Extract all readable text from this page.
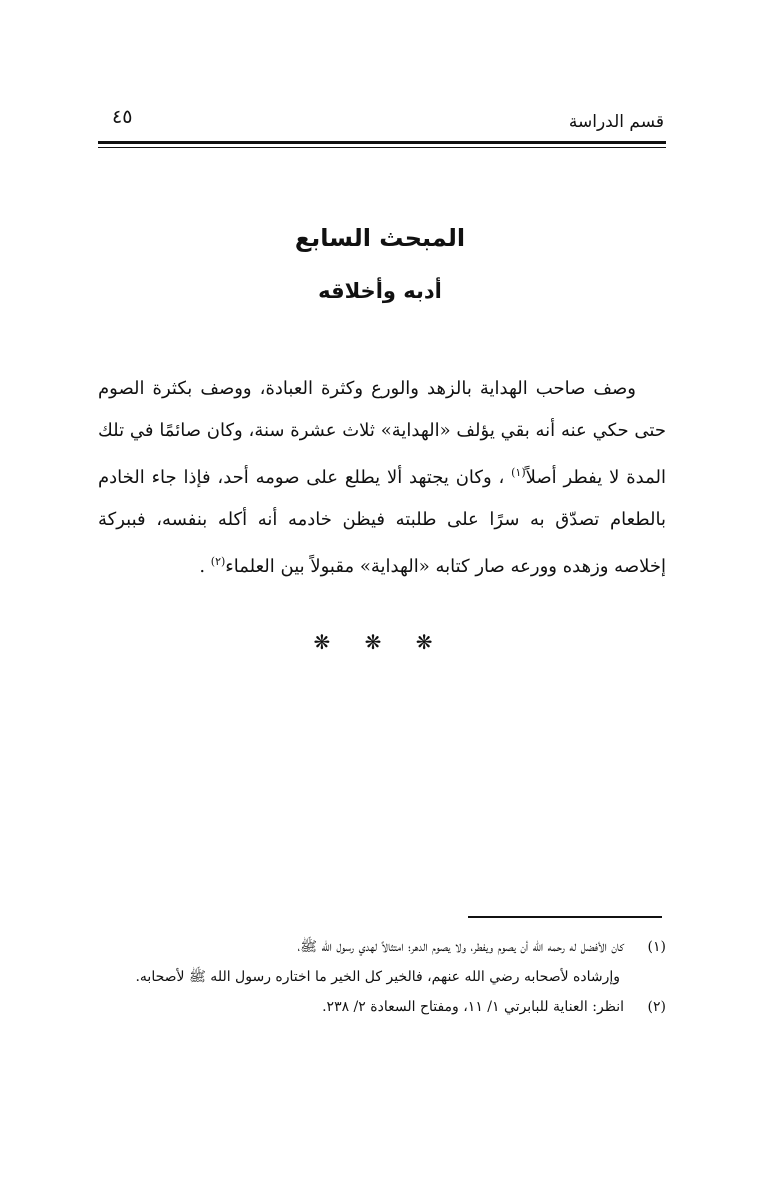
قسم الدراسة
٤٥
المبحث السابع
أدبه وأخلاقه

وصف صاحب الهداية بالزهد والورع وكثرة العبادة، ووصف بكثرة الصوم حتى حكي عنه أنه بقي يؤلف «الهداية» ثلاث عشرة سنة، وكان صائمًا في تلك المدة لا يفطر أصلاً$^{(١)}$ ، وكان يجتهد ألا يطلع على صومه أحد، فإذا جاء الخادم بالطعام تصدّق به سرًا على طلبته فيظن خادمه أنه أكله بنفسه، فببركة إخلاصه وزهده وورعه صار كتابه «الهداية» مقبولاً بين العلماء$^{(٢)}$ .

❋ ❋ ❋

(١)كان الأفضل له رحمه الله أن يصوم ويفطر، ولا يصوم الدهر؛ امتثالاً لهدي رسول الله ﷺ،

وإرشاده لأصحابه رضي الله عنهم، فالخير كل الخير ما اختاره رسول الله ﷺ لأصحابه.

(٢)انظر: العناية للبابرتي ١/ ١١، ومفتاح السعادة ٢/ ٢٣٨.
